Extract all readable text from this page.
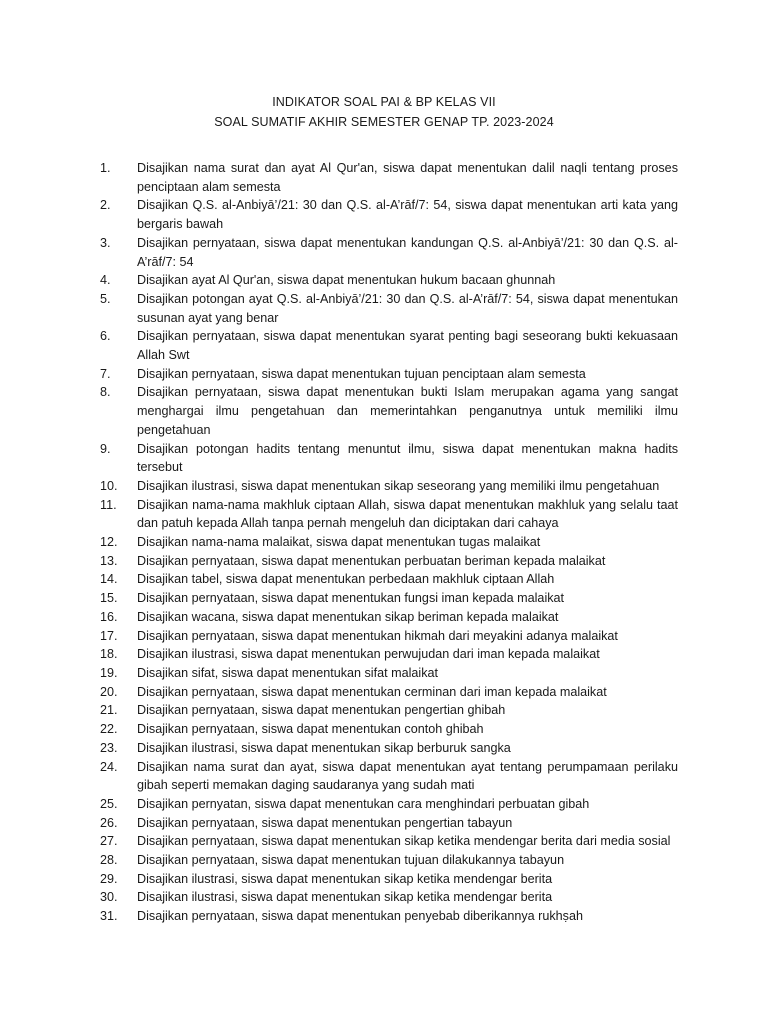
INDIKATOR SOAL PAI & BP KELAS VII
SOAL SUMATIF AKHIR SEMESTER GENAP TP. 2023-2024
1.	Disajikan nama surat dan ayat Al Qur'an, siswa dapat menentukan dalil naqli tentang proses penciptaan alam semesta
2.	Disajikan Q.S. al-Anbiyā’/21: 30 dan Q.S. al-A’rāf/7: 54, siswa dapat menentukan arti kata yang bergaris bawah
3.	Disajikan pernyataan, siswa dapat menentukan kandungan Q.S. al-Anbiyā’/21: 30 dan Q.S. al-A’rāf/7: 54
4.	Disajikan ayat Al Qur'an, siswa dapat menentukan hukum bacaan ghunnah
5.	Disajikan potongan ayat Q.S. al-Anbiyā’/21: 30 dan Q.S. al-A’rāf/7: 54, siswa dapat menentukan susunan ayat yang benar
6.	Disajikan pernyataan, siswa dapat menentukan syarat penting bagi seseorang bukti kekuasaan Allah Swt
7.	Disajikan pernyataan, siswa dapat menentukan tujuan penciptaan alam semesta
8.	Disajikan pernyataan, siswa dapat menentukan bukti Islam merupakan agama yang sangat menghargai ilmu pengetahuan dan memerintahkan penganutnya untuk memiliki ilmu pengetahuan
9.	Disajikan potongan hadits tentang menuntut ilmu, siswa dapat menentukan makna hadits tersebut
10.	Disajikan ilustrasi, siswa dapat menentukan sikap seseorang yang memiliki ilmu pengetahuan
11.	Disajikan nama-nama makhluk ciptaan Allah, siswa dapat menentukan makhluk yang selalu taat dan patuh kepada Allah tanpa pernah mengeluh dan diciptakan dari cahaya
12.	Disajikan nama-nama malaikat, siswa dapat menentukan tugas malaikat
13.	Disajikan pernyataan, siswa dapat menentukan perbuatan beriman kepada malaikat
14.	Disajikan tabel, siswa dapat menentukan perbedaan makhluk ciptaan Allah
15.	Disajikan pernyataan, siswa dapat menentukan fungsi iman kepada malaikat
16.	Disajikan wacana, siswa dapat menentukan sikap beriman kepada malaikat
17.	Disajikan pernyataan, siswa dapat menentukan hikmah dari meyakini adanya malaikat
18.	Disajikan ilustrasi, siswa dapat menentukan perwujudan dari iman kepada malaikat
19.	Disajikan sifat, siswa dapat menentukan sifat malaikat
20.	Disajikan pernyataan, siswa dapat menentukan cerminan dari iman kepada malaikat
21.	Disajikan pernyataan, siswa dapat menentukan pengertian ghibah
22.	Disajikan pernyataan, siswa dapat menentukan contoh ghibah
23.	Disajikan ilustrasi, siswa dapat menentukan sikap berburuk sangka
24.	Disajikan nama surat dan ayat, siswa dapat menentukan ayat tentang perumpamaan perilaku gibah seperti memakan daging saudaranya yang sudah mati
25.	Disajikan pernyatan, siswa dapat menentukan cara menghindari perbuatan gibah
26.	Disajikan pernyataan, siswa dapat menentukan pengertian tabayun
27.	Disajikan pernyataan, siswa dapat menentukan sikap ketika mendengar berita dari media sosial
28.	Disajikan pernyataan, siswa dapat menentukan tujuan dilakukannya tabayun
29.	Disajikan ilustrasi, siswa dapat menentukan sikap ketika mendengar berita
30.	Disajikan ilustrasi, siswa dapat menentukan sikap ketika mendengar berita
31.	Disajikan pernyataan, siswa dapat menentukan penyebab diberikannya rukhṣah
